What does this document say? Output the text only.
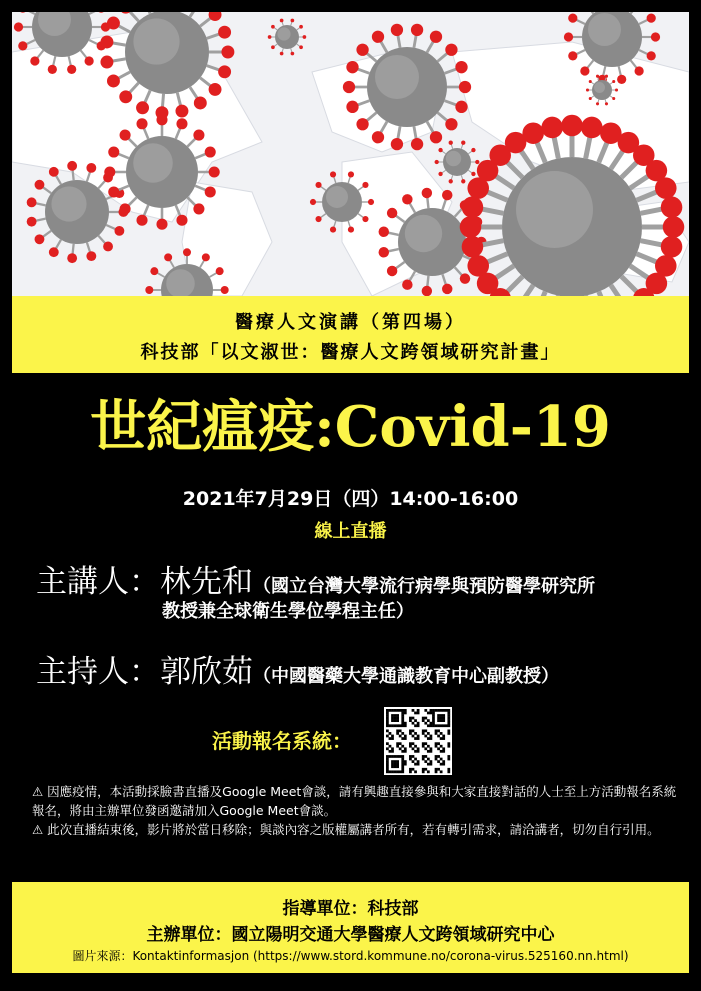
醫療人文演講（第四場）
科技部「以文淑世：醫療人文跨領域研究計畫」
世紀瘟疫:Covid-19
2021年7月29日（四）14:00-16:00
線上直播
主講人：林先和（國立台灣大學流行病學與預防醫學研究所
教授兼全球衛生學位學程主任）
主持人：郭欣茹（中國醫藥大學通識教育中心副教授）
活動報名系統：

⚠ 因應疫情，本活動採臉書直播及Google Meet會談，請有興趣直接參與和大家直接對話的人士至上方活動報名系統報名，將由主辦單位發函邀請加入Google Meet會談。

⚠ 此次直播結束後，影片將於當日移除；與談內容之版權屬講者所有，若有轉引需求，請洽講者，切勿自行引用。

指導單位：科技部
主辦單位：國立陽明交通大學醫療人文跨領域研究中心
圖片來源：Kontaktinformasjon (https://www.stord.kommune.no/corona-virus.525160.nn.html)
